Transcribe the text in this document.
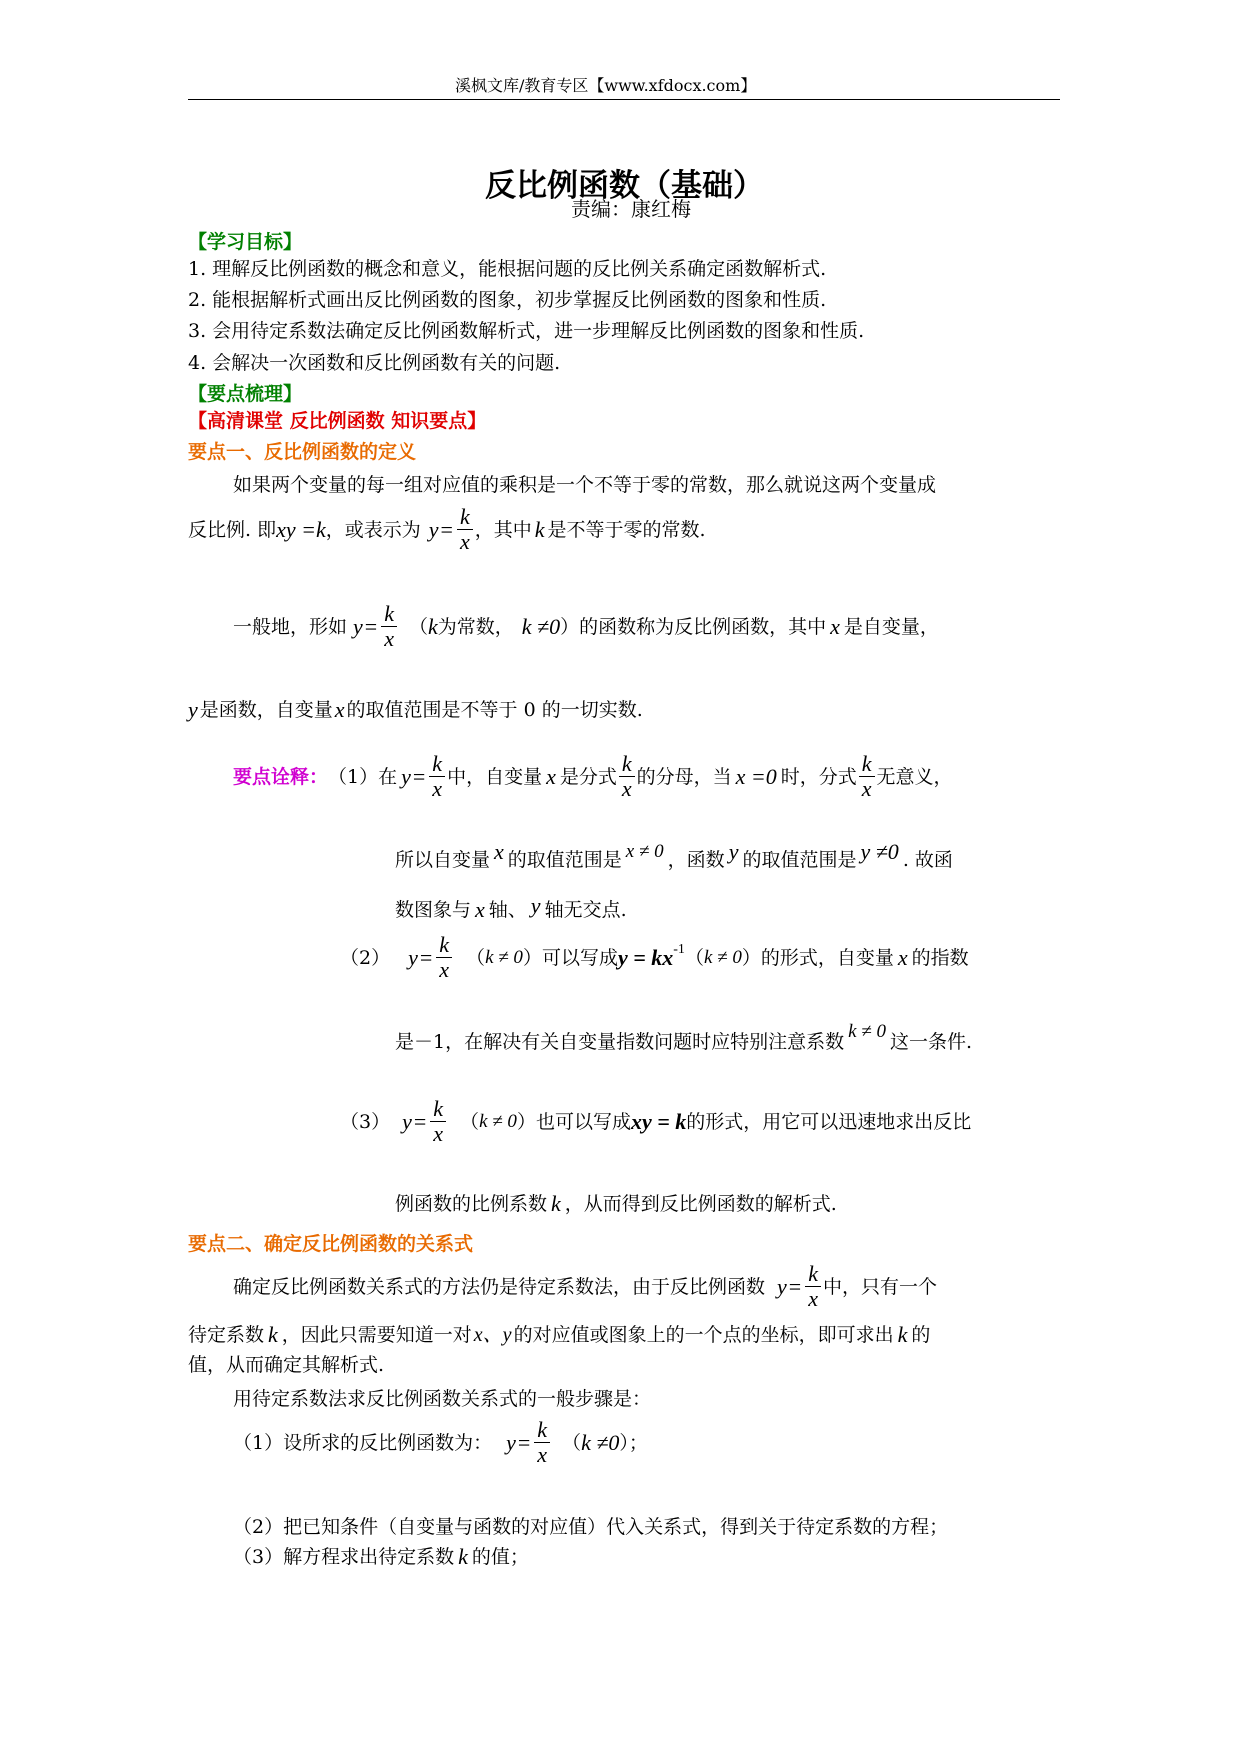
溪枫文库/教育专区【www.xfdocx.com】
反比例函数（基础）
责编：康红梅
【学习目标】
1. 理解反比例函数的概念和意义，能根据问题的反比例关系确定函数解析式.
2. 能根据解析式画出反比例函数的图象，初步掌握反比例函数的图象和性质.
3. 会用待定系数法确定反比例函数解析式，进一步理解反比例函数的图象和性质.
4. 会解决一次函数和反比例函数有关的问题.
【要点梳理】
【高清课堂 反比例函数 知识要点】
要点一、反比例函数的定义
如果两个变量的每一组对应值的乘积是一个不等于零的常数，那么就说这两个变量成
反比例. 即 xy =k ，或表示为 $y = \frac{k}{x}$ ，其中 k 是不等于零的常数.
一般地，形如 $y = \frac{k}{x}$ （ k 为常数， k ≠0 ）的函数称为反比例函数，其中 x 是自变量，
y 是函数，自变量 x 的取值范围是不等于 0 的一切实数.
要点诠释： （1）在 $y = \frac{k}{x}$ 中，自变量 x 是分式 $\frac{k}{x}$ 的分母，当 x =0 时，分式 $\frac{k}{x}$ 无意义，
所以自变量 x 的取值范围是 x ≠ 0 ，函数 y 的取值范围是 y ≠0 . 故函
数图象与 x 轴、 y 轴无交点.
（2） $y = \frac{k}{x}$ （ k ≠ 0 ）可以写成 $y = kx^{-1}$ （ k ≠ 0 ）的形式，自变量 x 的指数
是－1，在解决有关自变量指数问题时应特别注意系数 k ≠ 0 这一条件.
（3） $y = \frac{k}{x}$ （ k ≠ 0 ）也可以写成 xy = k 的形式，用它可以迅速地求出反比
例函数的比例系数 k ，从而得到反比例函数的解析式.
要点二、确定反比例函数的关系式
确定反比例函数关系式的方法仍是待定系数法，由于反比例函数 $y = \frac{k}{x}$ 中，只有一个
待定系数 k ，因此只需要知道一对 x、y 的对应值或图象上的一个点的坐标，即可求出 k 的
值，从而确定其解析式.
用待定系数法求反比例函数关系式的一般步骤是：
（1）设所求的反比例函数为： $y = \frac{k}{x}$ （ k ≠0 ）；
（2）把已知条件（自变量与函数的对应值）代入关系式，得到关于待定系数的方程；
（3）解方程求出待定系数 k 的值；
